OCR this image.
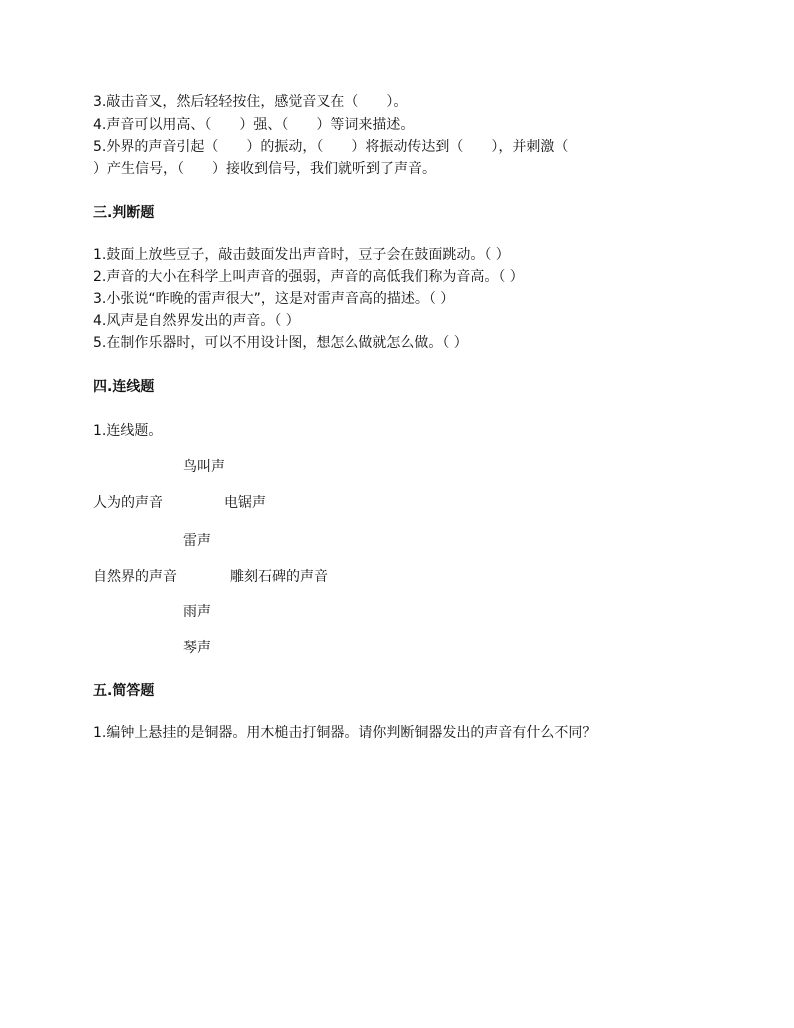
3.敲击音叉，然后轻轻按住，感觉音叉在（　　）。
4.声音可以用高、（　　）强、（　　）等词来描述。
5.外界的声音引起（　　）的振动，（　　）将振动传达到（　　），并刺激（
）产生信号，（　　）接收到信号，我们就听到了声音。
三.判断题
1.鼓面上放些豆子，敲击鼓面发出声音时，豆子会在鼓面跳动。（ ）
2.声音的大小在科学上叫声音的强弱，声音的高低我们称为音高。（ ）
3.小张说“昨晚的雷声很大”，这是对雷声音高的描述。（ ）
4.风声是自然界发出的声音。（ ）
5.在制作乐器时，可以不用设计图，想怎么做就怎么做。（ ）
四.连线题
1.连线题。
鸟叫声
人为的声音	电锯声
雷声
自然界的声音	雕刻石碑的声音
雨声
琴声
五.简答题
1.编钟上悬挂的是铜器。用木槌击打铜器。请你判断铜器发出的声音有什么不同？
